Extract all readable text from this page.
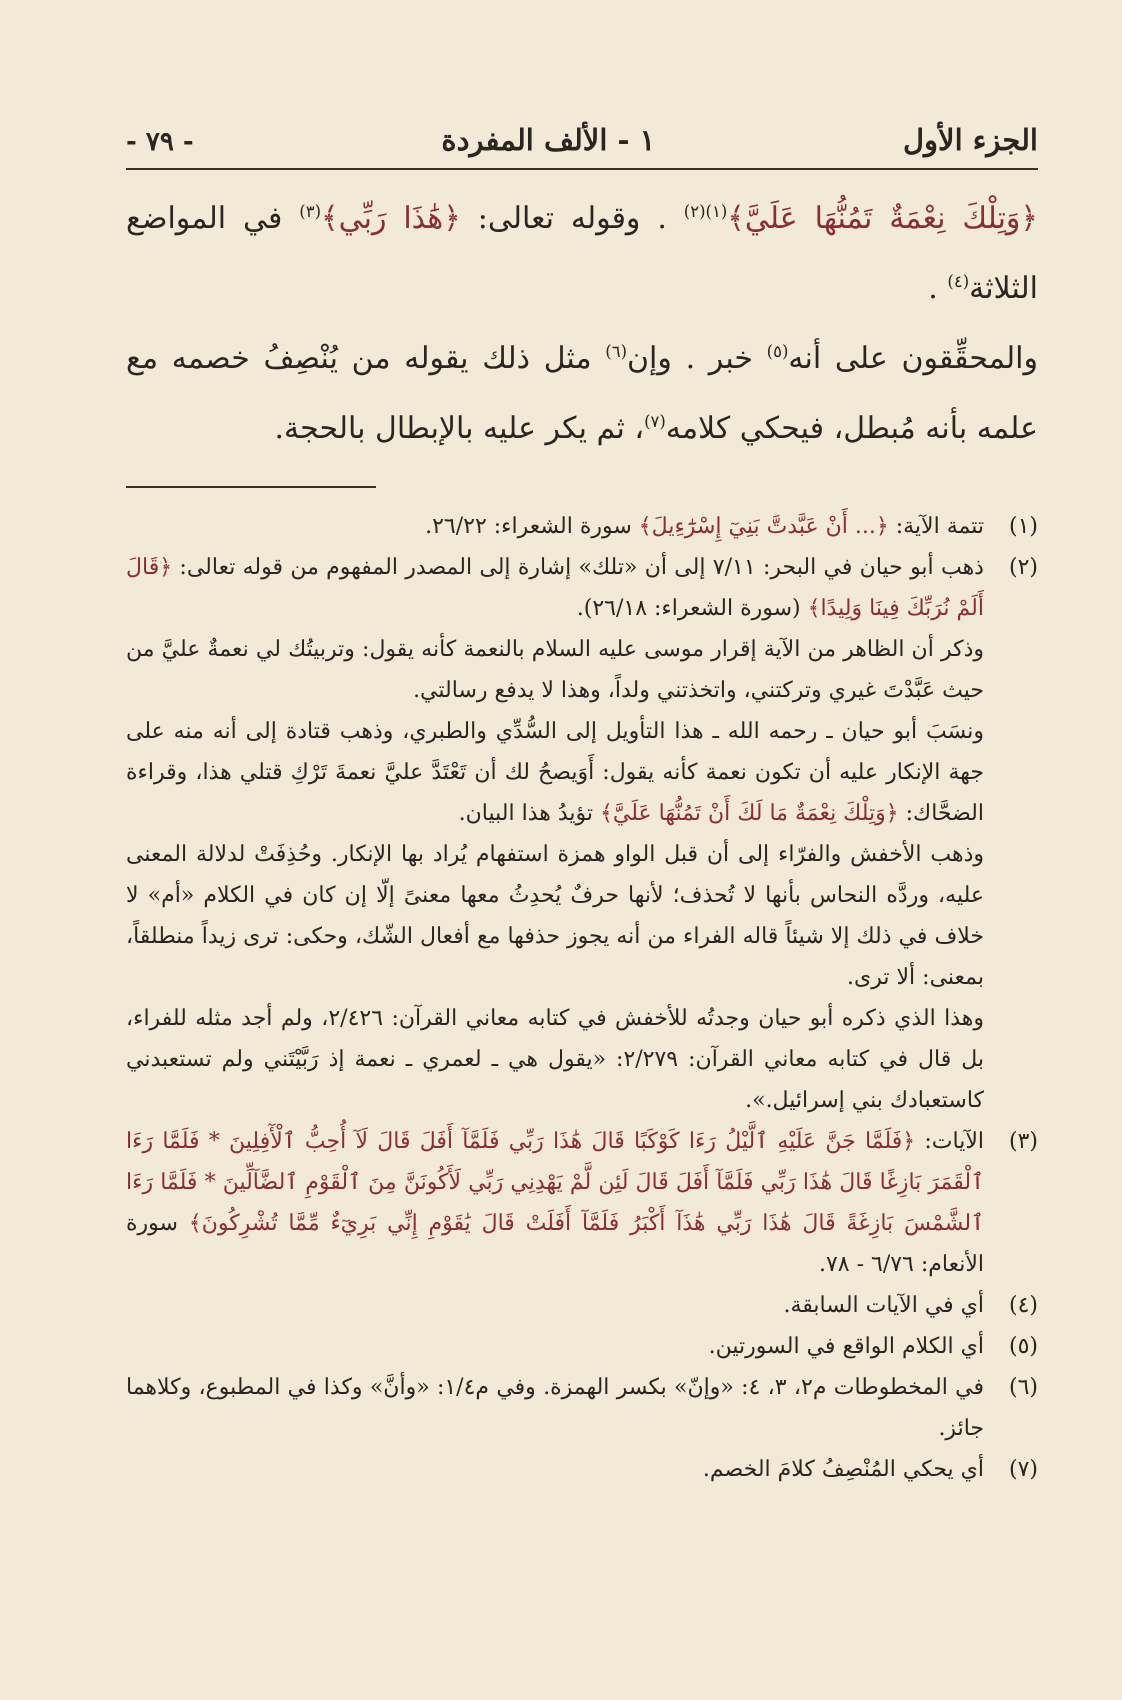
الجزء الأول
١ - الألف المفردة
- ٧٩ -

﴿وَتِلْكَ نِعْمَةٌ تَمُنُّهَا عَلَيَّ﴾$^{(١)(٢)}$ . وقوله تعالى: ﴿هَٰذَا رَبِّي﴾$^{(٣)}$ في المواضع الثلاثة$^{(٤)}$ .

والمحقِّقون على أنه$^{(٥)}$ خبر . وإن$^{(٦)}$ مثل ذلك يقوله من يُنْصِفُ خصمه مع علمه بأنه مُبطل، فيحكي كلامه$^{(٧)}$، ثم يكر عليه بالإبطال بالحجة.

(١)
تتمة الآية: ﴿... أَنْ عَبَّدتَّ بَنِيٓ إِسْرَٰٓءِيلَ﴾ سورة الشعراء: ٢٦/٢٢.
(٢)
ذهب أبو حيان في البحر: ٧/١١ إلى أن «تلك» إشارة إلى المصدر المفهوم من قوله تعالى: ﴿قَالَ أَلَمْ نُرَبِّكَ فِينَا وَلِيدًا﴾ (سورة الشعراء: ٢٦/١٨).

وذكر أن الظاهر من الآية إقرار موسى عليه السلام بالنعمة كأنه يقول: وتربيتُك لي نعمةٌ عليَّ من حيث عَبَّدْتَ غيري وتركتني، واتخذتني ولداً، وهذا لا يدفع رسالتي.

ونسَبَ أبو حيان ـ رحمه الله ـ هذا التأويل إلى السُّدِّي والطبري، وذهب قتادة إلى أنه منه على جهة الإنكار عليه أن تكون نعمة كأنه يقول: أَوَيصحُ لك أن تَعْتَدَّ عليَّ نعمةَ تَرْكِ قتلي هذا، وقراءة الضحَّاك: ﴿وَتِلْكَ نِعْمَةٌ مَا لَكَ أَنْ تَمُنُّهَا عَلَيَّ﴾ تؤيدُ هذا البيان.

وذهب الأخفش والفرّاء إلى أن قبل الواو همزة استفهام يُراد بها الإنكار. وحُذِفَتْ لدلالة المعنى عليه، وردَّه النحاس بأنها لا تُحذف؛ لأنها حرفٌ يُحدِثُ معها معنىً إلّا إن كان في الكلام «أم» لا خلاف في ذلك إلا شيئاً قاله الفراء من أنه يجوز حذفها مع أفعال الشّك، وحكى: ترى زيداً منطلقاً، بمعنى: ألا ترى.

وهذا الذي ذكره أبو حيان وجدتُه للأخفش في كتابه معاني القرآن: ٢/٤٢٦، ولم أجد مثله للفراء، بل قال في كتابه معاني القرآن: ٢/٢٧٩: «يقول هي ـ لعمري ـ نعمة إذ رَبَّيْتَني ولم تستعبدني كاستعبادك بني إسرائيل.».

(٣)
الآيات: ﴿فَلَمَّا جَنَّ عَلَيْهِ ٱلَّيْلُ رَءَا كَوْكَبًا قَالَ هَٰذَا رَبِّي فَلَمَّآ أَفَلَ قَالَ لَآ أُحِبُّ ٱلْأٓفِلِينَ * فَلَمَّا رَءَا ٱلْقَمَرَ بَازِغًا قَالَ هَٰذَا رَبِّي فَلَمَّآ أَفَلَ قَالَ لَئِن لَّمْ يَهْدِنِي رَبِّي لَأَكُونَنَّ مِنَ ٱلْقَوْمِ ٱلضَّآلِّينَ * فَلَمَّا رَءَا ٱلشَّمْسَ بَازِغَةً قَالَ هَٰذَا رَبِّي هَٰذَآ أَكْبَرُ فَلَمَّآ أَفَلَتْ قَالَ يَٰقَوْمِ إِنِّي بَرِيٓءٌ مِّمَّا تُشْرِكُونَ﴾ سورة الأنعام: ٦/٧٦ - ٧٨.
(٤)
أي في الآيات السابقة.
(٥)
أي الكلام الواقع في السورتين.
(٦)
في المخطوطات م٢، ٣، ٤: «وإنّ» بكسر الهمزة. وفي م١/٤: «وأنَّ» وكذا في المطبوع، وكلاهما جائز.
(٧)
أي يحكي المُنْصِفُ كلامَ الخصم.
